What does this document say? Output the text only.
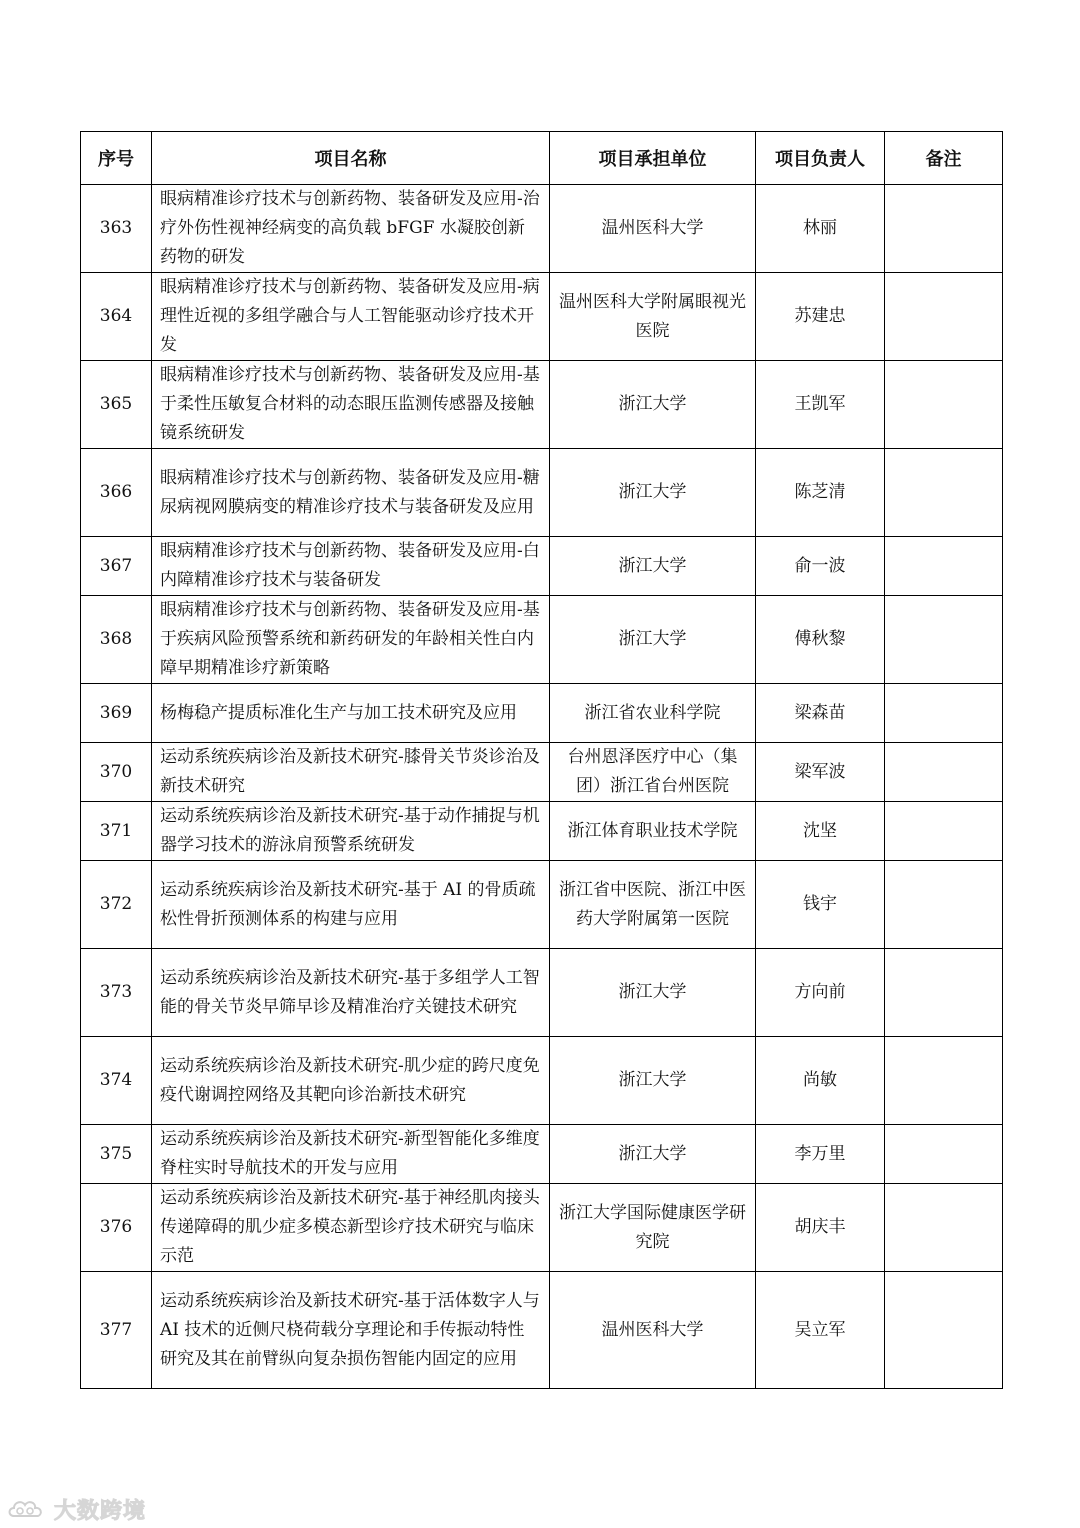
序号	项目名称	项目承担单位	项目负责人	备注
363	眼病精准诊疗技术与创新药物、装备研发及应用-治疗外伤性视神经病变的高负载 bFGF 水凝胶创新药物的研发	温州医科大学	林丽	
364	眼病精准诊疗技术与创新药物、装备研发及应用-病理性近视的多组学融合与人工智能驱动诊疗技术开发	温州医科大学附属眼视光医院	苏建忠	
365	眼病精准诊疗技术与创新药物、装备研发及应用-基于柔性压敏复合材料的动态眼压监测传感器及接触镜系统研发	浙江大学	王凯军	
366	眼病精准诊疗技术与创新药物、装备研发及应用-糖尿病视网膜病变的精准诊疗技术与装备研发及应用	浙江大学	陈芝清	
367	眼病精准诊疗技术与创新药物、装备研发及应用-白内障精准诊疗技术与装备研发	浙江大学	俞一波	
368	眼病精准诊疗技术与创新药物、装备研发及应用-基于疾病风险预警系统和新药研发的年龄相关性白内障早期精准诊疗新策略	浙江大学	傅秋黎	
369	杨梅稳产提质标准化生产与加工技术研究及应用	浙江省农业科学院	梁森苗	
370	运动系统疾病诊治及新技术研究-膝骨关节炎诊治及新技术研究	台州恩泽医疗中心（集团）浙江省台州医院	梁军波	
371	运动系统疾病诊治及新技术研究-基于动作捕捉与机器学习技术的游泳肩预警系统研发	浙江体育职业技术学院	沈坚	
372	运动系统疾病诊治及新技术研究-基于 AI 的骨质疏松性骨折预测体系的构建与应用	浙江省中医院、浙江中医药大学附属第一医院	钱宇	
373	运动系统疾病诊治及新技术研究-基于多组学人工智能的骨关节炎早筛早诊及精准治疗关键技术研究	浙江大学	方向前	
374	运动系统疾病诊治及新技术研究-肌少症的跨尺度免疫代谢调控网络及其靶向诊治新技术研究	浙江大学	尚敏	
375	运动系统疾病诊治及新技术研究-新型智能化多维度脊柱实时导航技术的开发与应用	浙江大学	李万里	
376	运动系统疾病诊治及新技术研究-基于神经肌肉接头传递障碍的肌少症多模态新型诊疗技术研究与临床示范	浙江大学国际健康医学研究院	胡庆丰	
377	运动系统疾病诊治及新技术研究-基于活体数字人与 AI 技术的近侧尺桡荷载分享理论和手传振动特性研究及其在前臂纵向复杂损伤智能内固定的应用	温州医科大学	吴立军	
大数跨境
